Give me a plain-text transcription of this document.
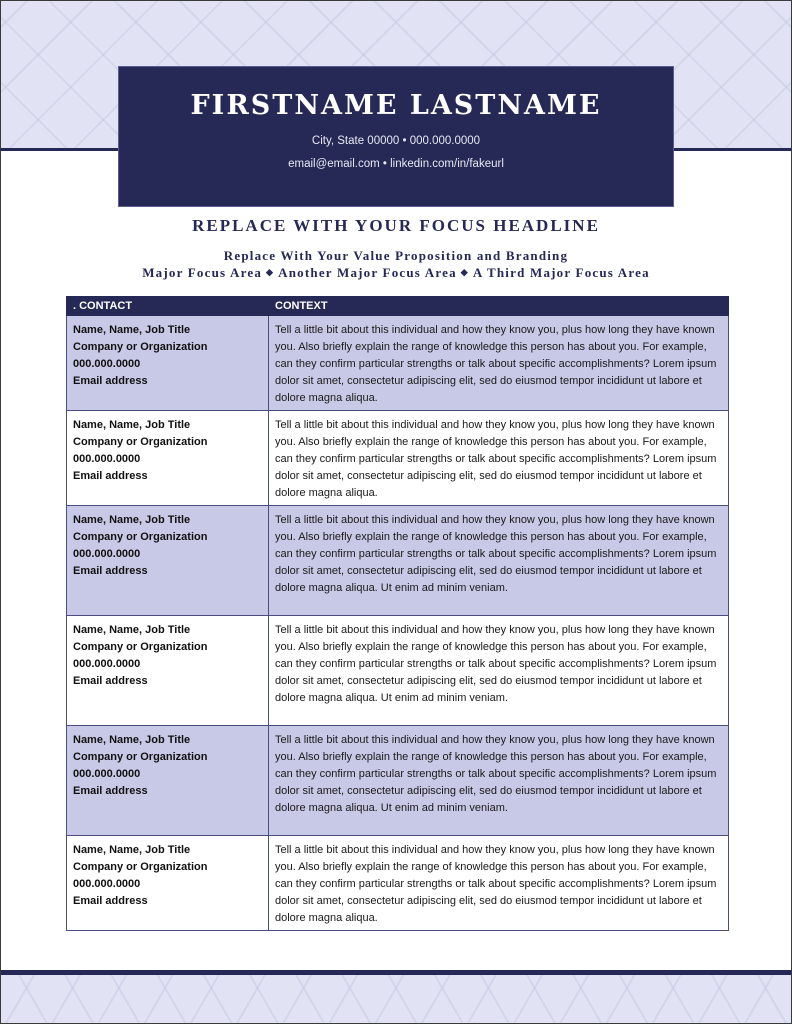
FIRSTNAME LASTNAME
City, State 00000 • 000.000.0000
email@email.com • linkedin.com/in/fakeurl
REPLACE WITH YOUR FOCUS HEADLINE
Replace With Your Value Proposition and Branding
Major Focus Area ◆ Another Major Focus Area ◆ A Third Major Focus Area
. CONTACT	CONTEXT

Name, Name, Job Title
Company or Organization
000.000.0000
Email address
	Tell a little bit about this individual and how they know you, plus how long they have known you. Also briefly explain the range of knowledge this person has about you. For example, can they confirm particular strengths or talk about specific accomplishments? Lorem ipsum dolor sit amet, consectetur adipiscing elit, sed do eiusmod tempor incididunt ut labore et dolore magna aliqua.

Name, Name, Job Title
Company or Organization
000.000.0000
Email address
	Tell a little bit about this individual and how they know you, plus how long they have known you. Also briefly explain the range of knowledge this person has about you. For example, can they confirm particular strengths or talk about specific accomplishments? Lorem ipsum dolor sit amet, consectetur adipiscing elit, sed do eiusmod tempor incididunt ut labore et dolore magna aliqua.

Name, Name, Job Title
Company or Organization
000.000.0000
Email address
	Tell a little bit about this individual and how they know you, plus how long they have known you. Also briefly explain the range of knowledge this person has about you. For example, can they confirm particular strengths or talk about specific accomplishments? Lorem ipsum dolor sit amet, consectetur adipiscing elit, sed do eiusmod tempor incididunt ut labore et dolore magna aliqua. Ut enim ad minim veniam.

Name, Name, Job Title
Company or Organization
000.000.0000
Email address
	Tell a little bit about this individual and how they know you, plus how long they have known you. Also briefly explain the range of knowledge this person has about you. For example, can they confirm particular strengths or talk about specific accomplishments? Lorem ipsum dolor sit amet, consectetur adipiscing elit, sed do eiusmod tempor incididunt ut labore et dolore magna aliqua. Ut enim ad minim veniam.

Name, Name, Job Title
Company or Organization
000.000.0000
Email address
	Tell a little bit about this individual and how they know you, plus how long they have known you. Also briefly explain the range of knowledge this person has about you. For example, can they confirm particular strengths or talk about specific accomplishments? Lorem ipsum dolor sit amet, consectetur adipiscing elit, sed do eiusmod tempor incididunt ut labore et dolore magna aliqua. Ut enim ad minim veniam.

Name, Name, Job Title
Company or Organization
000.000.0000
Email address
	Tell a little bit about this individual and how they know you, plus how long they have known you. Also briefly explain the range of knowledge this person has about you. For example, can they confirm particular strengths or talk about specific accomplishments? Lorem ipsum dolor sit amet, consectetur adipiscing elit, sed do eiusmod tempor incididunt ut labore et dolore magna aliqua.
